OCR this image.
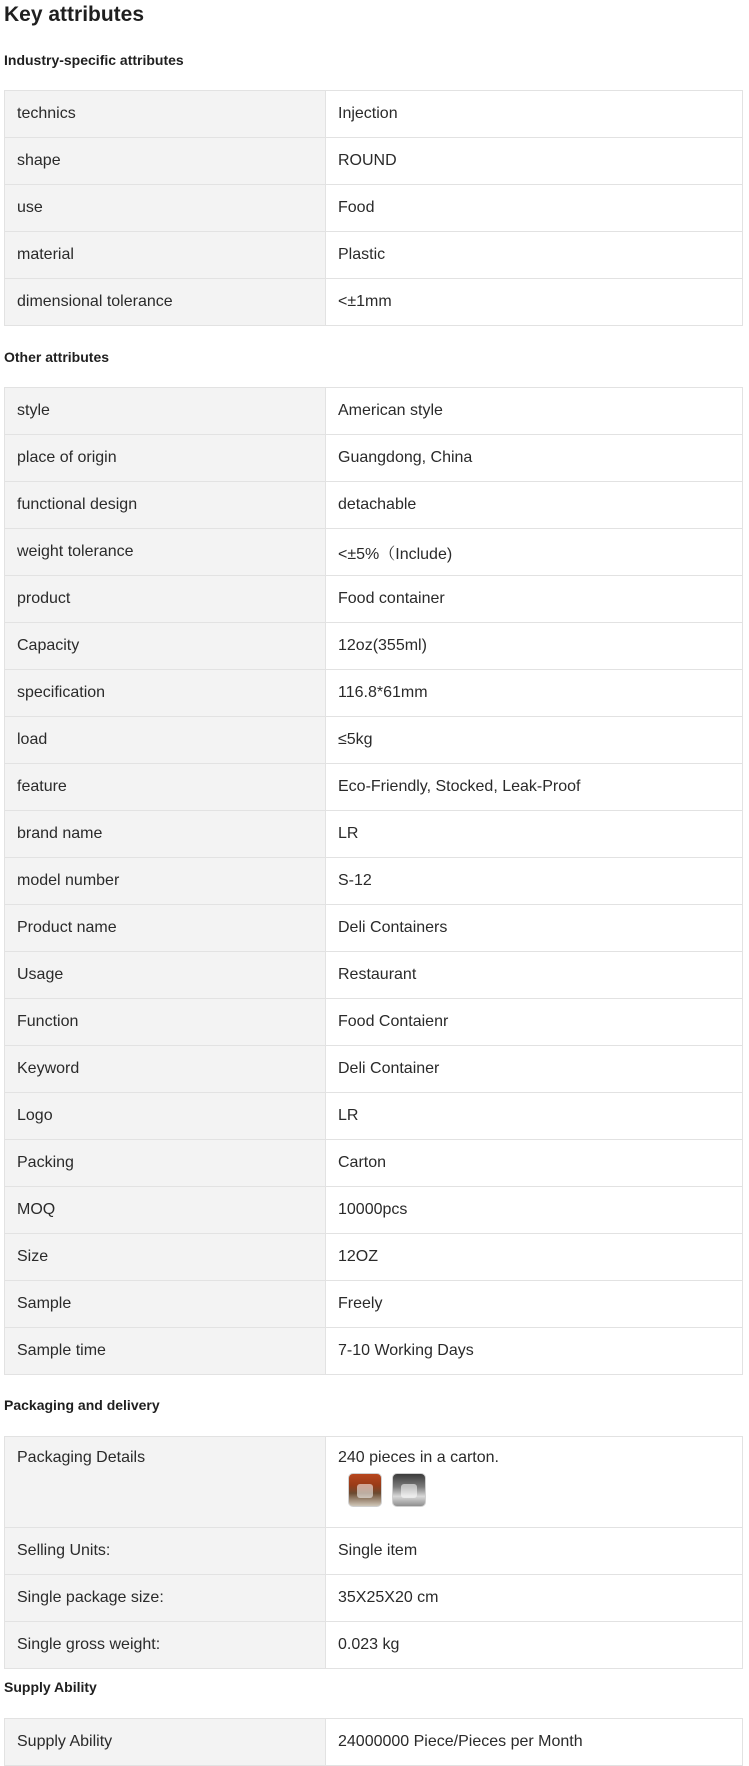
Key attributes
Industry-specific attributes
technics	Injection
shape	ROUND
use	Food
material	Plastic
dimensional tolerance	<±1mm
Other attributes
style	American style
place of origin	Guangdong, China
functional design	detachable
weight tolerance	<±5%（Include)
product	Food container
Capacity	12oz(355ml)
specification	116.8*61mm
load	≤5kg
feature	Eco-Friendly, Stocked, Leak-Proof
brand name	LR
model number	S-12
Product name	Deli Containers
Usage	Restaurant
Function	Food Contaienr
Keyword	Deli Container
Logo	LR
Packing	Carton
MOQ	10000pcs
Size	12OZ
Sample	Freely
Sample time	7-10 Working Days
Packaging and delivery
Packaging Details	240 pieces in a carton.

Selling Units:	Single item
Single package size:	35X25X20 cm
Single gross weight:	0.023 kg
Supply Ability
Supply Ability	24000000 Piece/Pieces per Month
